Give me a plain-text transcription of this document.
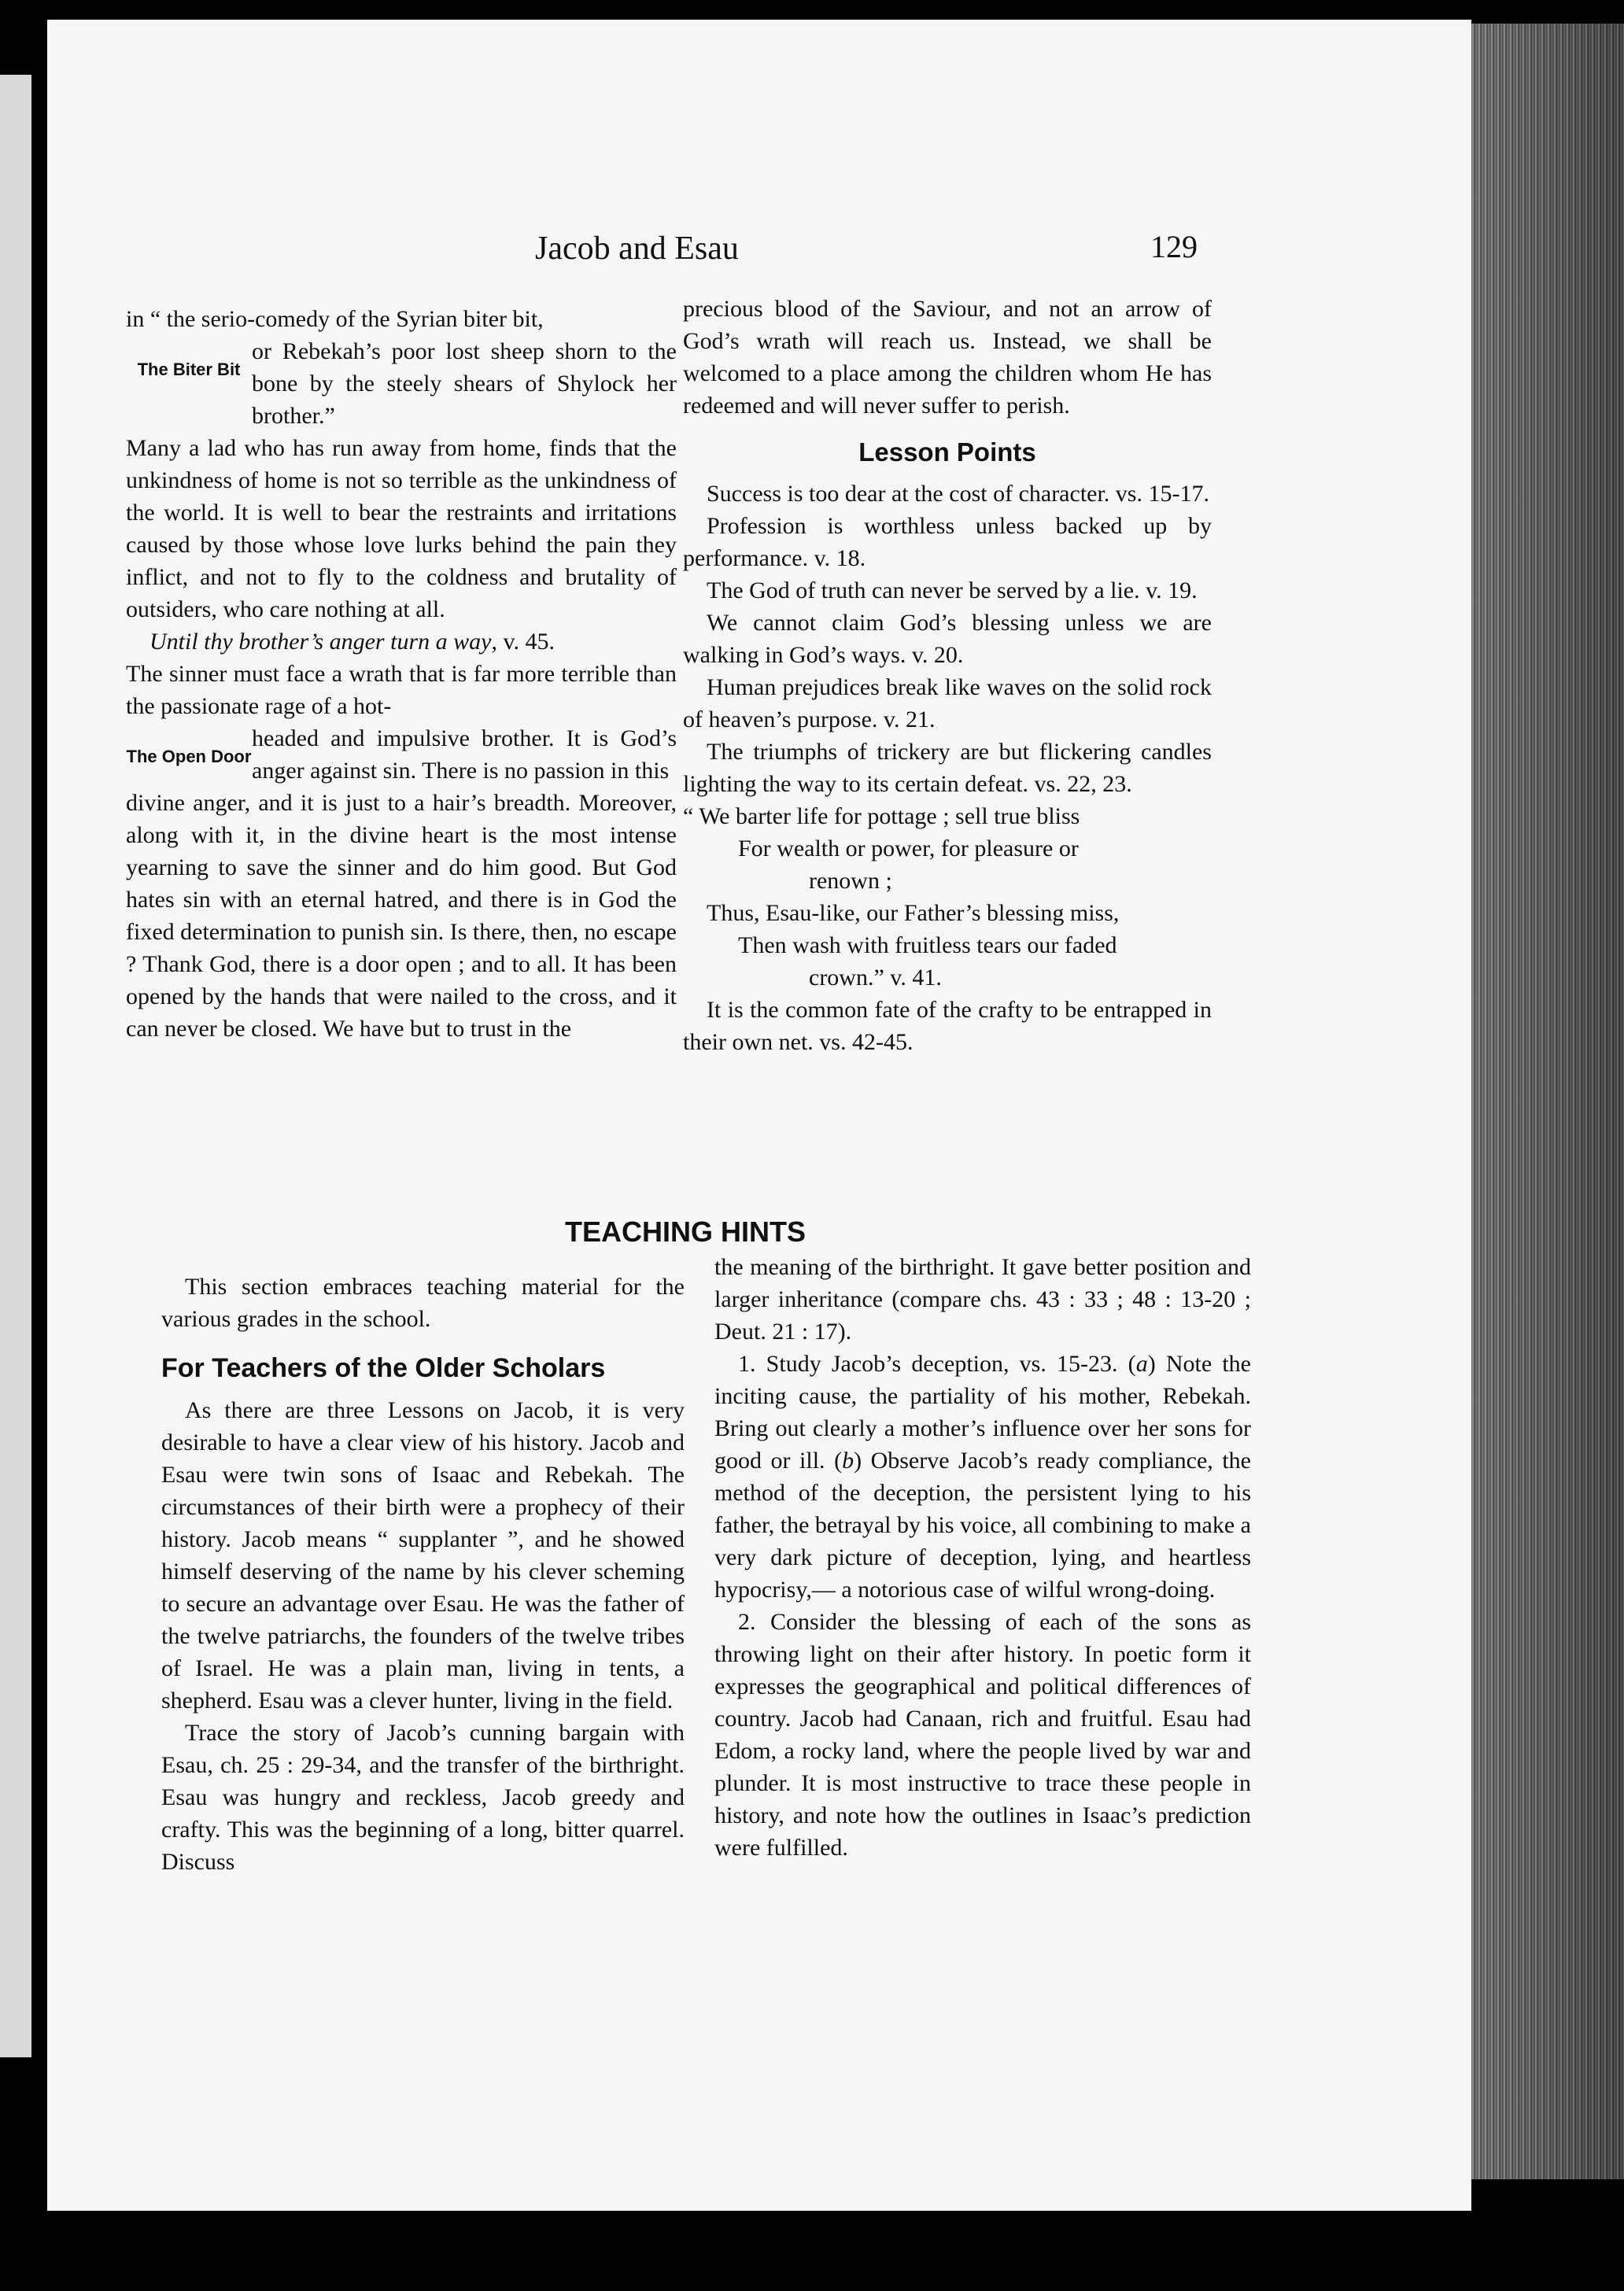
Jacob and Esau	129

in “ the serio-comedy of the Syrian biter bit,

The Biter Bit

or Rebekah’s poor lost sheep shorn to the bone by the steely shears of Shylock her brother.”

Many a lad who has run away from home, finds that the unkindness of home is not so terrible as the unkindness of the world. It is well to bear the restraints and irritations caused by those whose love lurks behind the pain they inflict, and not to fly to the coldness and brutality of outsiders, who care nothing at all.

Until thy brother’s anger turn a way, v. 45.

The sinner must face a wrath that is far more terrible than the passionate rage of a hot-

The Open Door

headed and impulsive brother. It is God’s anger against sin. There is no passion in this

divine anger, and it is just to a hair’s breadth. Moreover, along with it, in the divine heart is the most intense yearning to save the sinner and do him good. But God hates sin with an eternal hatred, and there is in God the fixed determination to punish sin. Is there, then, no escape ? Thank God, there is a door open ; and to all. It has been opened by the hands that were nailed to the cross, and it can never be closed. We have but to trust in the

precious blood of the Saviour, and not an arrow of God’s wrath will reach us. Instead, we shall be welcomed to a place among the children whom He has redeemed and will never suffer to perish.

Lesson Points

Success is too dear at the cost of character. vs. 15-17.

Profession is worthless unless backed up by performance. v. 18.

The God of truth can never be served by a lie. v. 19.

We cannot claim God’s blessing unless we are walking in God’s ways. v. 20.

Human prejudices break like waves on the solid rock of heaven’s purpose. v. 21.

The triumphs of trickery are but flickering candles lighting the way to its certain defeat. vs. 22, 23.

“ We barter life for pottage ; sell true bliss
For wealth or power, for pleasure or
renown ;
Thus, Esau-like, our Father’s blessing miss,
Then wash with fruitless tears our faded
crown.” v. 41.

It is the common fate of the crafty to be entrapped in their own net. vs. 42-45.

TEACHING HINTS

This section embraces teaching material for the various grades in the school.

For Teachers of the Older Scholars

As there are three Lessons on Jacob, it is very desirable to have a clear view of his history. Jacob and Esau were twin sons of Isaac and Rebekah. The circumstances of their birth were a prophecy of their history. Jacob means “ supplanter ”, and he showed himself deserving of the name by his clever scheming to secure an advantage over Esau. He was the father of the twelve patriarchs, the founders of the twelve tribes of Israel. He was a plain man, living in tents, a shepherd. Esau was a clever hunter, living in the field.

Trace the story of Jacob’s cunning bargain with Esau, ch. 25 : 29-34, and the transfer of the birthright. Esau was hungry and reckless, Jacob greedy and crafty. This was the beginning of a long, bitter quarrel. Discuss

the meaning of the birthright. It gave better position and larger inheritance (compare chs. 43 : 33 ; 48 : 13-20 ; Deut. 21 : 17).

1. Study Jacob’s deception, vs. 15-23. (a) Note the inciting cause, the partiality of his mother, Rebekah. Bring out clearly a mother’s influence over her sons for good or ill. (b) Observe Jacob’s ready compliance, the method of the deception, the persistent lying to his father, the betrayal by his voice, all combining to make a very dark picture of deception, lying, and heartless hypocrisy,— a notorious case of wilful wrong-doing.

2. Consider the blessing of each of the sons as throwing light on their after history. In poetic form it expresses the geographical and political differences of country. Jacob had Canaan, rich and fruitful. Esau had Edom, a rocky land, where the people lived by war and plunder. It is most instructive to trace these people in history, and note how the outlines in Isaac’s prediction were fulfilled.
